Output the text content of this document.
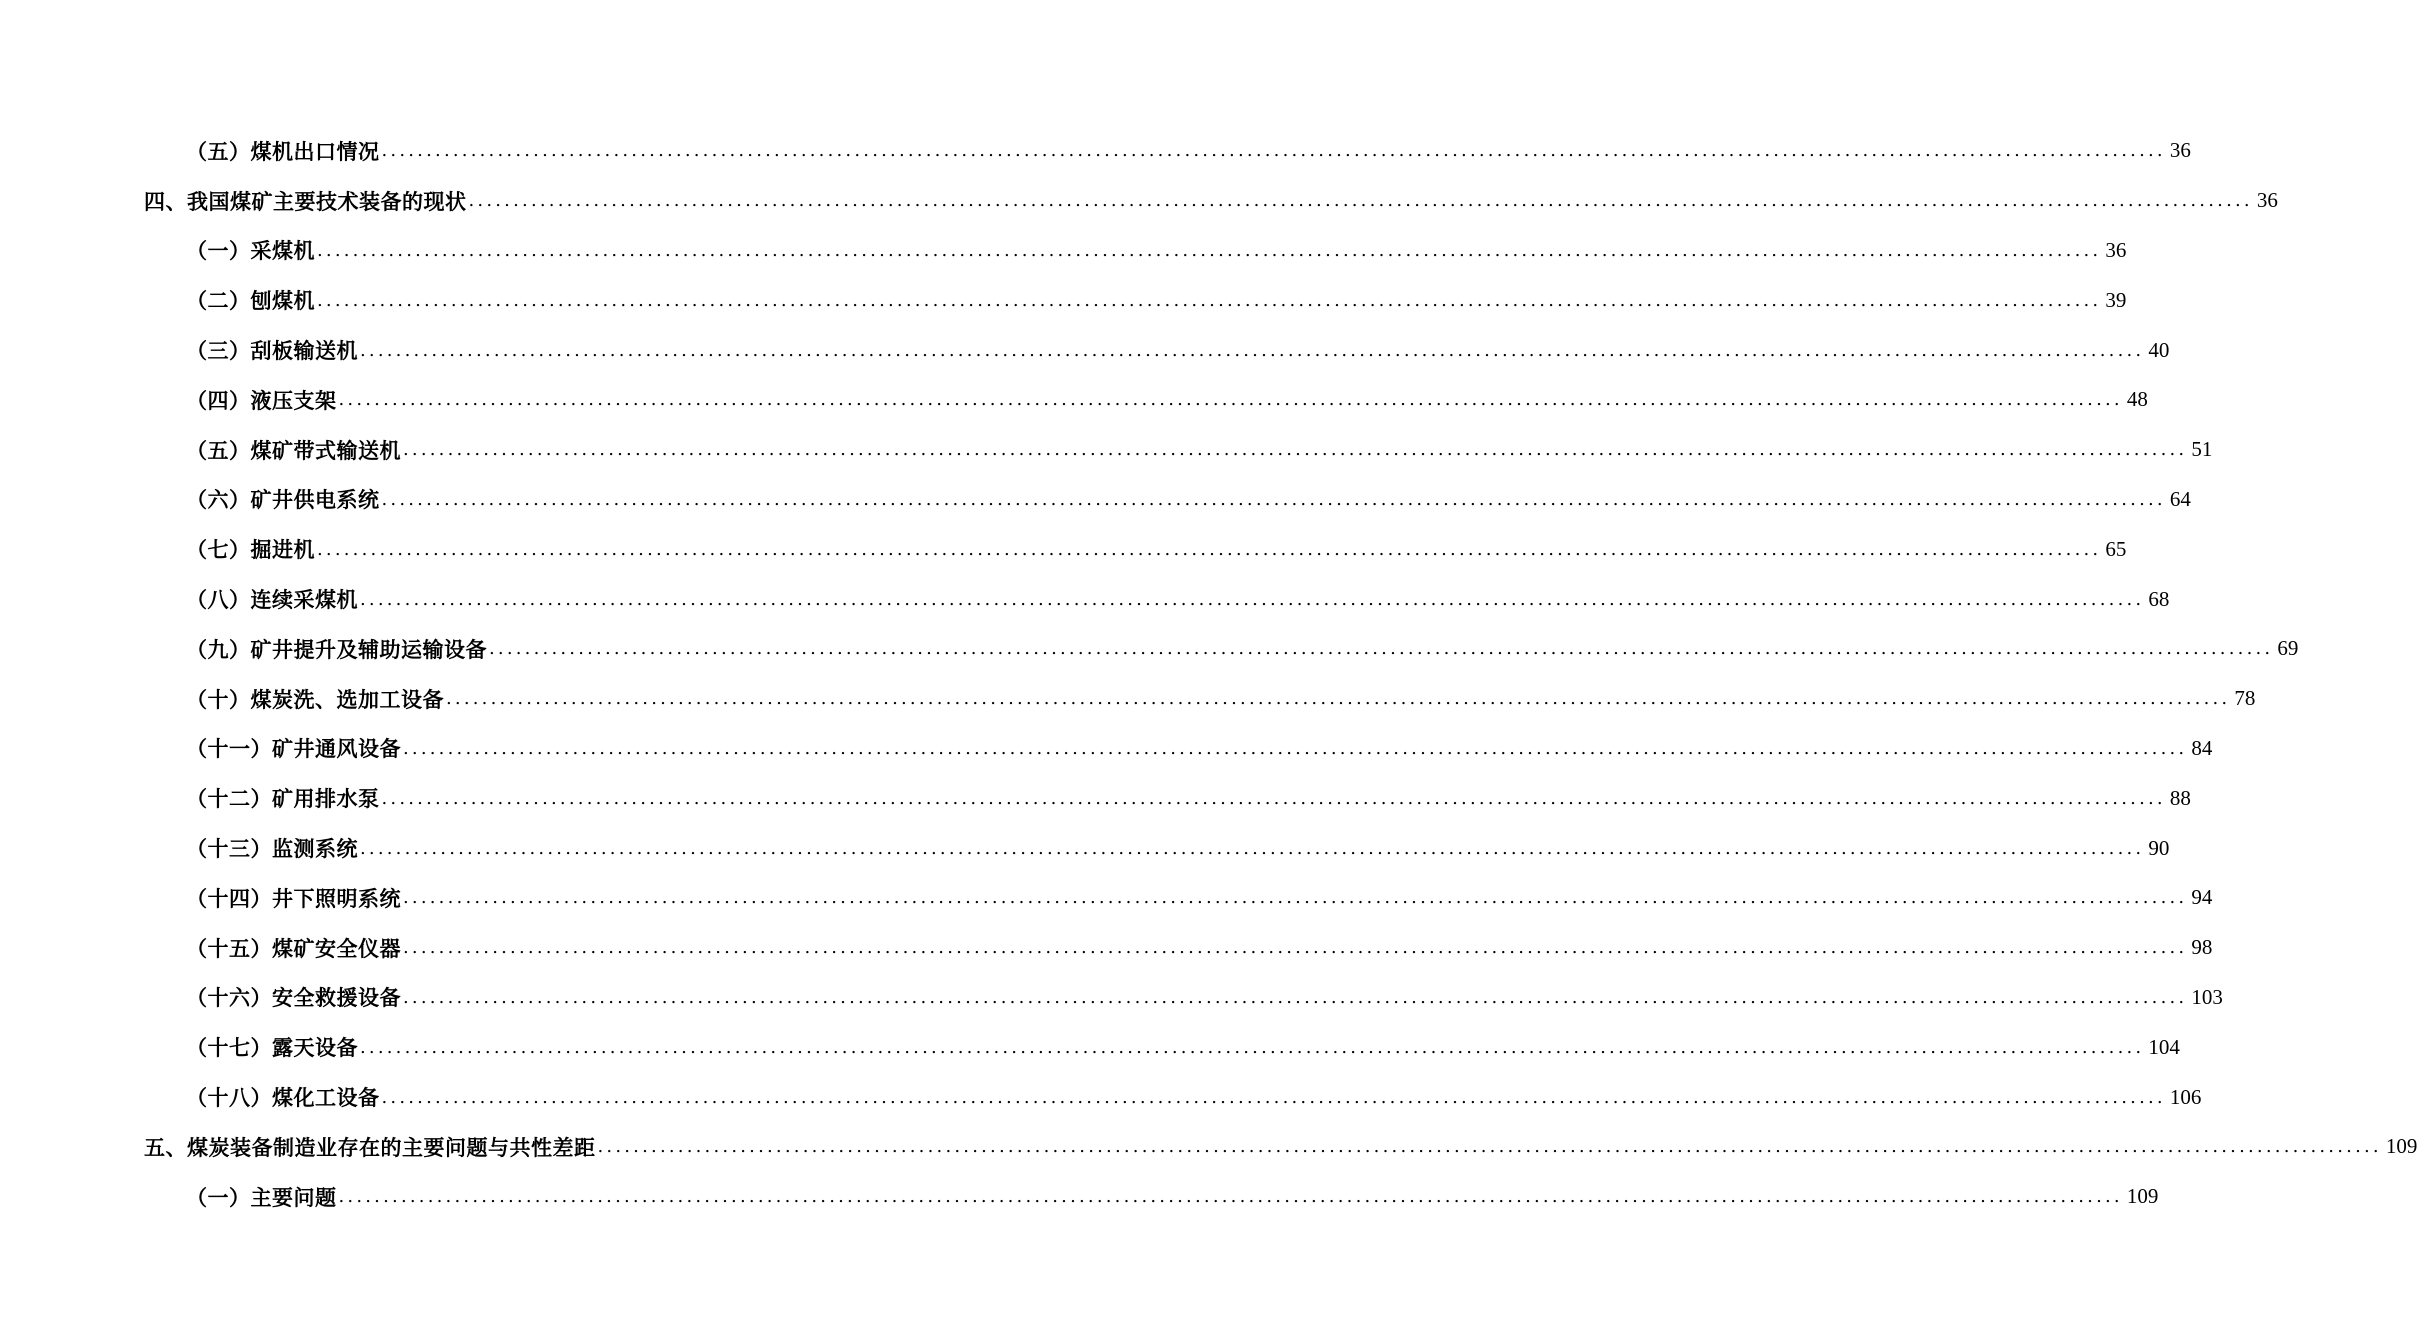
（五）煤机出口情况 ........................................................................................................................................................................................................ 36
四、我国煤矿主要技术装备的现状 ........................................................................................................................................................................................................ 36
（一）采煤机 ........................................................................................................................................................................................................ 36
（二）刨煤机 ........................................................................................................................................................................................................ 39
（三）刮板输送机 ........................................................................................................................................................................................................ 40
（四）液压支架 ........................................................................................................................................................................................................ 48
（五）煤矿带式输送机 ........................................................................................................................................................................................................ 51
（六）矿井供电系统 ........................................................................................................................................................................................................ 64
（七）掘进机 ........................................................................................................................................................................................................ 65
（八）连续采煤机 ........................................................................................................................................................................................................ 68
（九）矿井提升及辅助运输设备 ........................................................................................................................................................................................................ 69
（十）煤炭洗、选加工设备 ........................................................................................................................................................................................................ 78
（十一）矿井通风设备 ........................................................................................................................................................................................................ 84
（十二）矿用排水泵 ........................................................................................................................................................................................................ 88
（十三）监测系统 ........................................................................................................................................................................................................ 90
（十四）井下照明系统 ........................................................................................................................................................................................................ 94
（十五）煤矿安全仪器 ........................................................................................................................................................................................................ 98
（十六）安全救援设备 ........................................................................................................................................................................................................ 103
（十七）露天设备 ........................................................................................................................................................................................................ 104
（十八）煤化工设备 ........................................................................................................................................................................................................ 106
五、煤炭装备制造业存在的主要问题与共性差距 ........................................................................................................................................................................................................ 109
（一）主要问题 ........................................................................................................................................................................................................ 109
